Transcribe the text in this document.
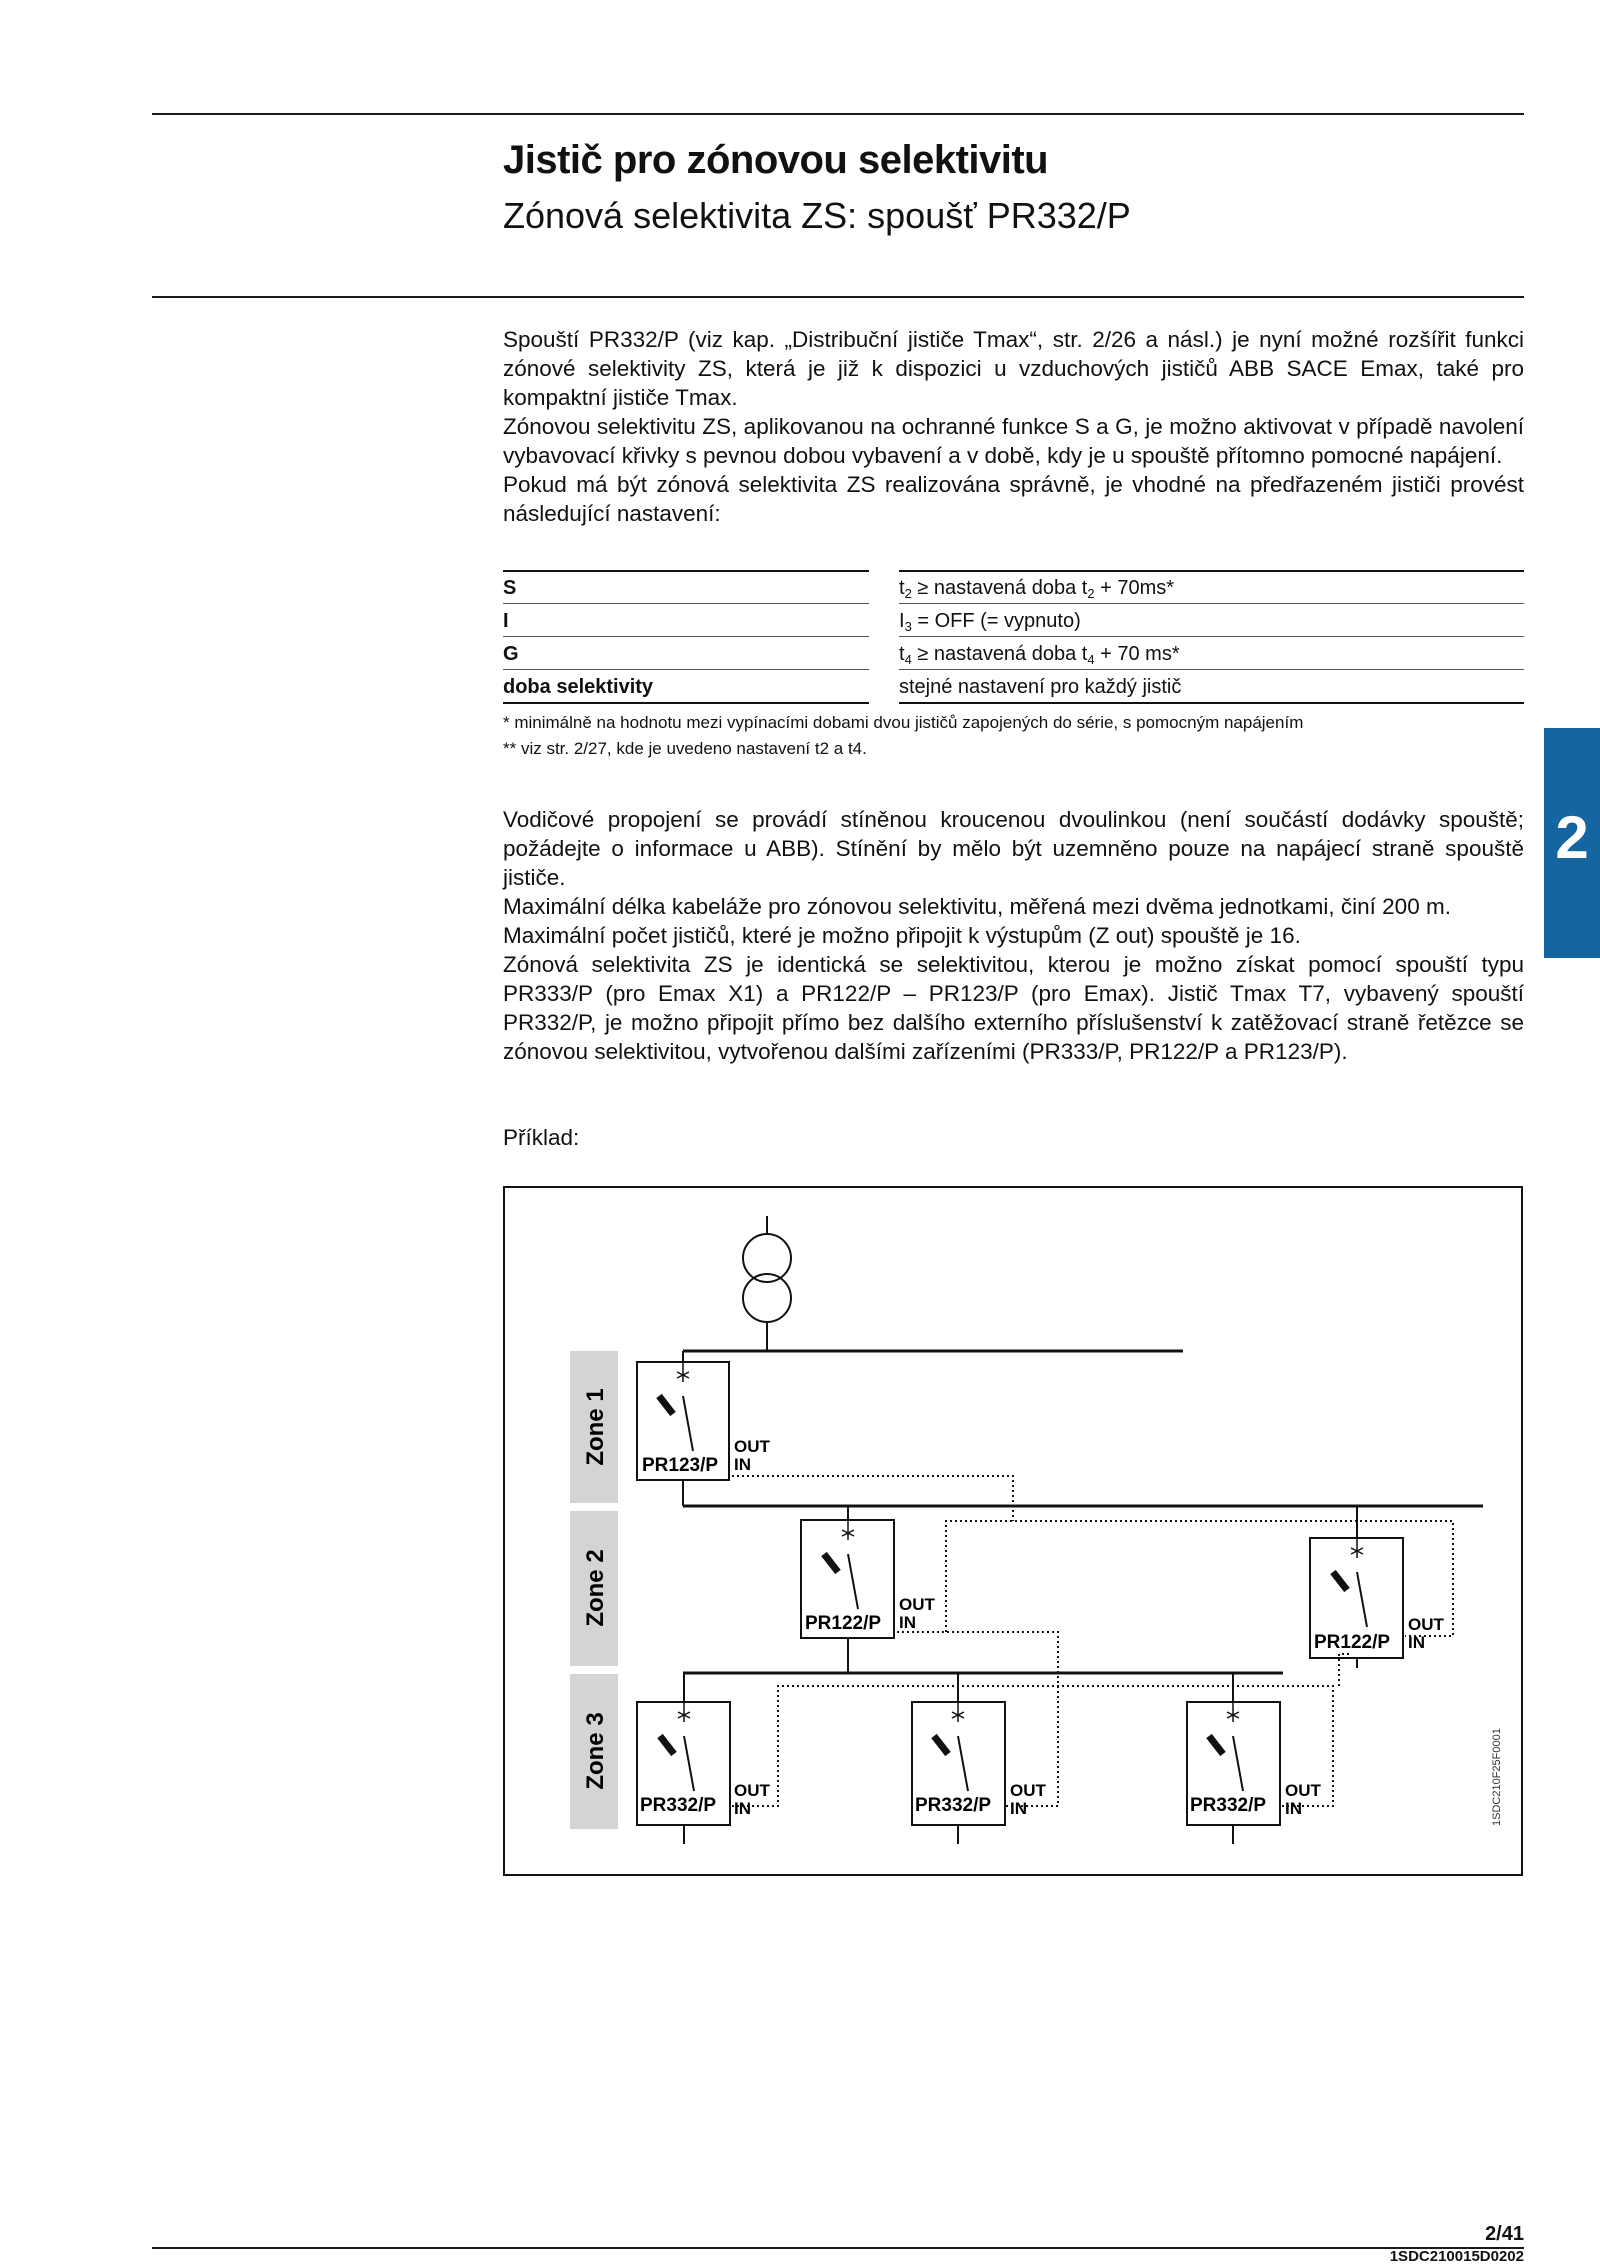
Jistič pro zónovou selektivitu
Zónová selektivita ZS: spoušť PR332/P

Spouští PR332/P (viz kap. „Distribuční jističe Tmax“, str. 2/26 a násl.) je nyní možné rozšířit funkci zónové selektivity ZS, která je již k dispozici u vzduchových jističů ABB SACE Emax, také pro kompaktní jističe Tmax.

Zónovou selektivitu ZS, aplikovanou na ochranné funkce S a G, je možno aktivovat v případě navolení vybavovací křivky s pevnou dobou vybavení a v době, kdy je u spouště přítomno pomocné napájení.

Pokud má být zónová selektivita ZS realizována správně, je vhodné na předřazeném jističi provést následující nastavení:

S	$t_2$ ≥ nastavená doba $t_2 + 70ms*$
I	$I_3$ = OFF (= vypnuto)
G	$t_4$ ≥ nastavená doba $t_4 + 70$ ms*
doba selektivity	stejné nastavení pro každý jistič
* minimálně na hodnotu mezi vypínacími dobami dvou jističů zapojených do série, s pomocným napájením
** viz str. 2/27, kde je uvedeno nastavení t2 a t4.

Vodičové propojení se provádí stíněnou kroucenou dvoulinkou (není součástí dodávky spouště; požádejte o informace u ABB). Stínění by mělo být uzemněno pouze na napájecí straně spouště jističe.

Maximální délka kabeláže pro zónovou selektivitu, měřená mezi dvěma jednotkami, činí 200 m.

Maximální počet jističů, které je možno připojit k výstupům (Z out) spouště je 16.

Zónová selektivita ZS je identická se selektivitou, kterou je možno získat pomocí spouští typu PR333/P (pro Emax X1) a PR122/P – PR123/P (pro Emax). Jistič Tmax T7, vybavený spouští PR332/P, je možno připojit přímo bez dalšího externího příslušenství k zatěžovací straně řetězce se zónovou selektivitou, vytvořenou dalšími zařízeními (PR333/P, PR122/P a PR123/P).

2
Příklad:
Zone 1
Zone 2
Zone 3
PR123/P
OUT
IN
PR122/P
OUT
IN
PR122/P
OUT
IN
PR332/P
OUT
IN	PR332/P
OUT
IN	PR332/P
OUT
IN	1SDC210F25F0001
2/41
1SDC210015D0202
